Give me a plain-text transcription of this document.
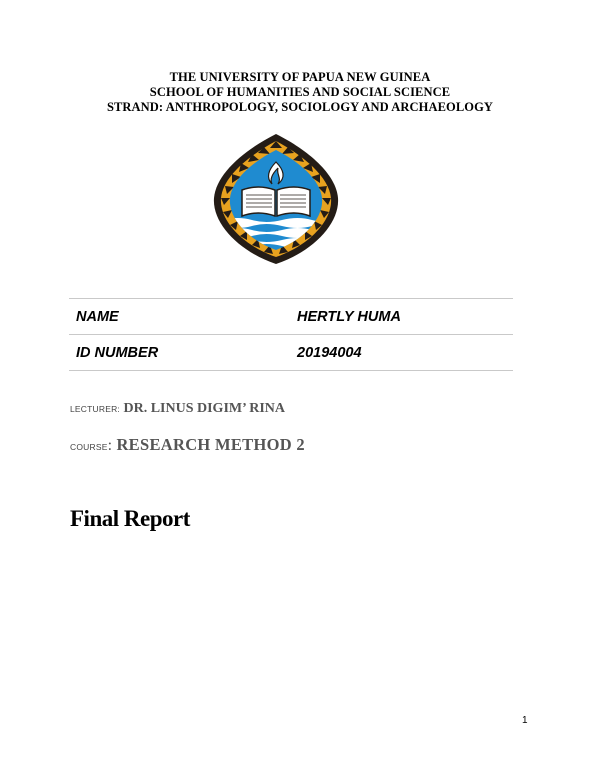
THE UNIVERSITY OF PAPUA NEW GUINEA
SCHOOL OF HUMANITIES AND SOCIAL SCIENCE
STRAND: ANTHROPOLOGY, SOCIOLOGY AND ARCHAEOLOGY
NAME	HERTLY HUMA
ID NUMBER	20194004
LECTURER: DR. LINUS DIGIM’ RINA
COURSE: RESEARCH METHOD 2
Final Report
1
